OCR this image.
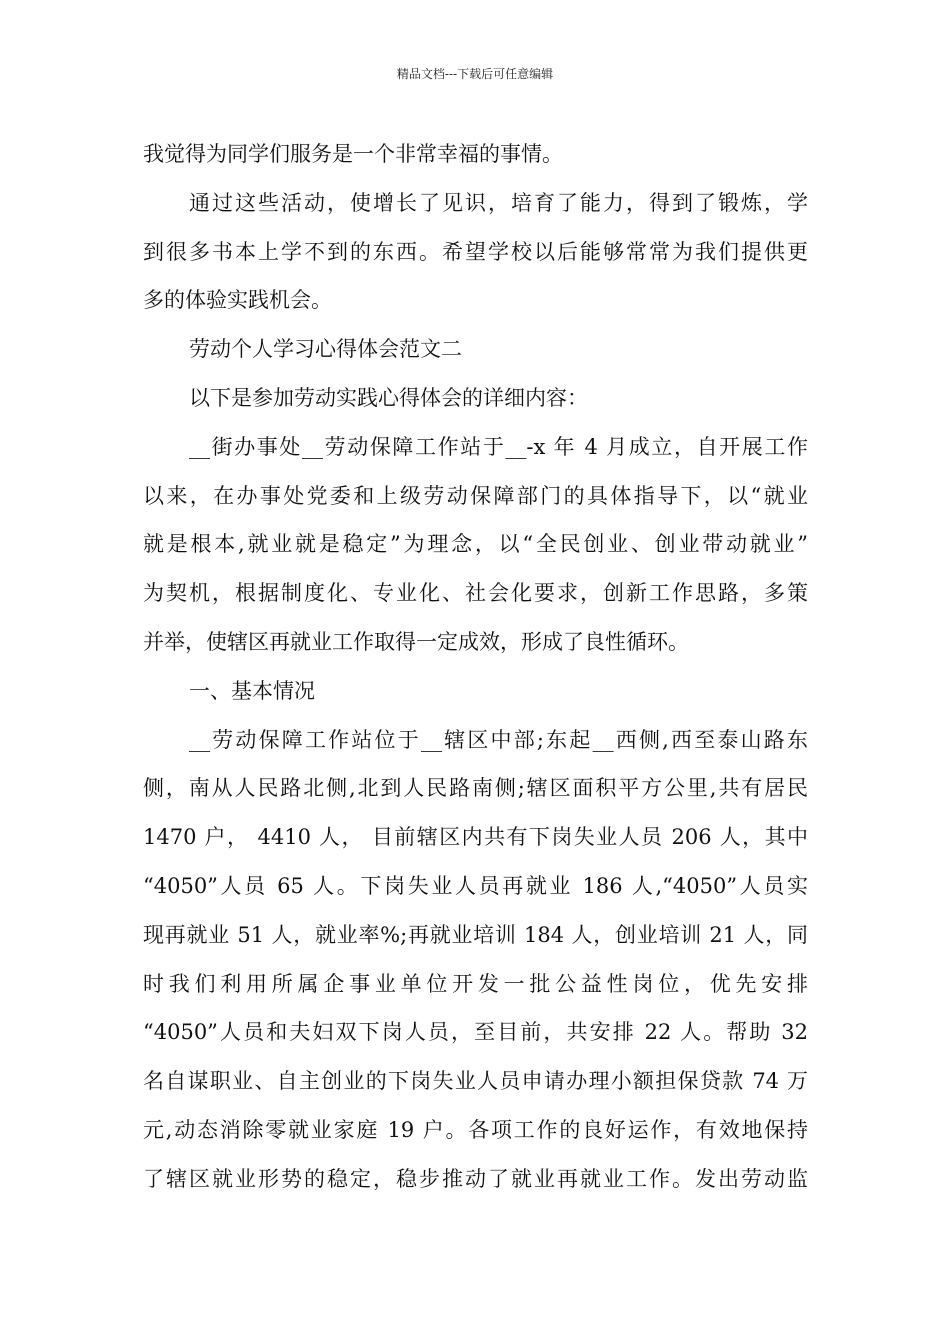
精品文档---下载后可任意编辑
我觉得为同学们服务是一个非常幸福的事情。
通过这些活动，使增长了见识，培育了能力，得到了锻炼，学
到很多书本上学不到的东西。希望学校以后能够常常为我们提供更
多的体验实践机会。
劳动个人学习心得体会范文二
以下是参加劳动实践心得体会的详细内容：
__街办事处__劳动保障工作站于__-x 年 4 月成立，自开展工作
以来，在办事处党委和上级劳动保障部门的具体指导下，以“就业
就是根本,就业就是稳定”为理念，以“全民创业、创业带动就业”
为契机，根据制度化、专业化、社会化要求，创新工作思路，多策
并举，使辖区再就业工作取得一定成效，形成了良性循环。
一、基本情况
__劳动保障工作站位于__辖区中部;东起__西侧,西至泰山路东
侧，南从人民路北侧,北到人民路南侧;辖区面积平方公里,共有居民
1470 户， 4410 人， 目前辖区内共有下岗失业人员 206 人，其中
“4050”人员 65 人。下岗失业人员再就业 186 人,“4050”人员实
现再就业 51 人，就业率%;再就业培训 184 人，创业培训 21 人，同
时我们利用所属企事业单位开发一批公益性岗位，优先安排
“4050”人员和夫妇双下岗人员，至目前，共安排 22 人。帮助 32
名自谋职业、自主创业的下岗失业人员申请办理小额担保贷款 74 万
元,动态消除零就业家庭 19 户。各项工作的良好运作，有效地保持
了辖区就业形势的稳定，稳步推动了就业再就业工作。发出劳动监
